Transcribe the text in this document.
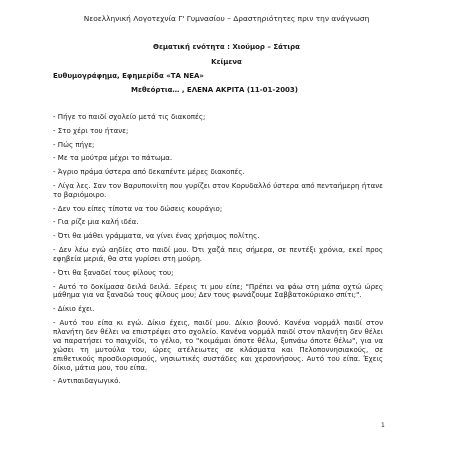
Νεοελληνική Λογοτεχνία Γ' Γυμνασίου – Δραστηριότητες πριν την ανάγνωση
Θεματική ενότητα : Χιούμορ – Σάτιρα
Κείμενα
Ευθυμογράφημα, Εφημερίδα «ΤΑ ΝΕΑ»
Μεθεόρτια… , ΕΛΕΝΑ ΑΚΡΙΤΑ (11-01-2003)

- Πήγε το παιδί σχολείο μετά τις διακοπές;

- Στο χέρι του ήτανε;

- Πώς πήγε;

- Με τα μούτρα μέχρι το πάτωμα.

- Άγριο πράμα ύστερα από δεκαπέντε μέρες διακοπές.

- Λίγα λες. Σαν τον Βαρυποινίτη που γυρίζει στον Κορυδαλλό ύστερα από πενταήμερη ήτανε το βαριόμοιρο.

- Δεν του είπες τίποτα να του δώσεις κουράγιο;

- Για ρίζε μια καλή ιδέα.

- Ότι θα μάθει γράμματα, να γίνει ένας χρήσιμος πολίτης.

- Δεν λέω εγώ αηδίες στο παιδί μου. Ότι χαζά πεις σήμερα, σε πεντέξι χρόνια, εκεί προς εφηβεία μεριά, θα στα γυρίσει στη μούρη.

- Ότι θα ξαναδεί τους φίλους του;

- Αυτό το δοκίμασα δειλά δειλά. Ξέρεις τι μου είπε; "Πρέπει να φάω στη μάπα οχτώ ώρες μάθημα για να ξαναδώ τους φίλους μου; Δεν τους φωνάζουμε Σαββατοκύριακο σπίτι;".

- Δίκιο έχει.

- Αυτό του είπα κι εγώ. Δίκιο έχεις, παιδί μου. Δίκιο βουνό. Κανένα νορμάλ παιδί στον πλανήτη δεν θέλει να επιστρέψει στο σχολείο. Κανένα νορμάλ παιδί στον πλανήτη δεν θέλει να παρατήσει το παιχνίδι, το γέλιο, το "κοιμάμαι όποτε θέλω, ξυπνάω όποτε θέλω", για να χώσει τη μυτούλα του, ώρες ατέλειωτες σε κλάσματα και Πελοποννησιακούς, σε επιθετικούς προσδιορισμούς, νησιωτικές συστάδες και χερσονήσους. Αυτό του είπα. Έχεις δίκιο, μάτια μου, του είπα.

- Αντιπαιδαγωγικό.

1
